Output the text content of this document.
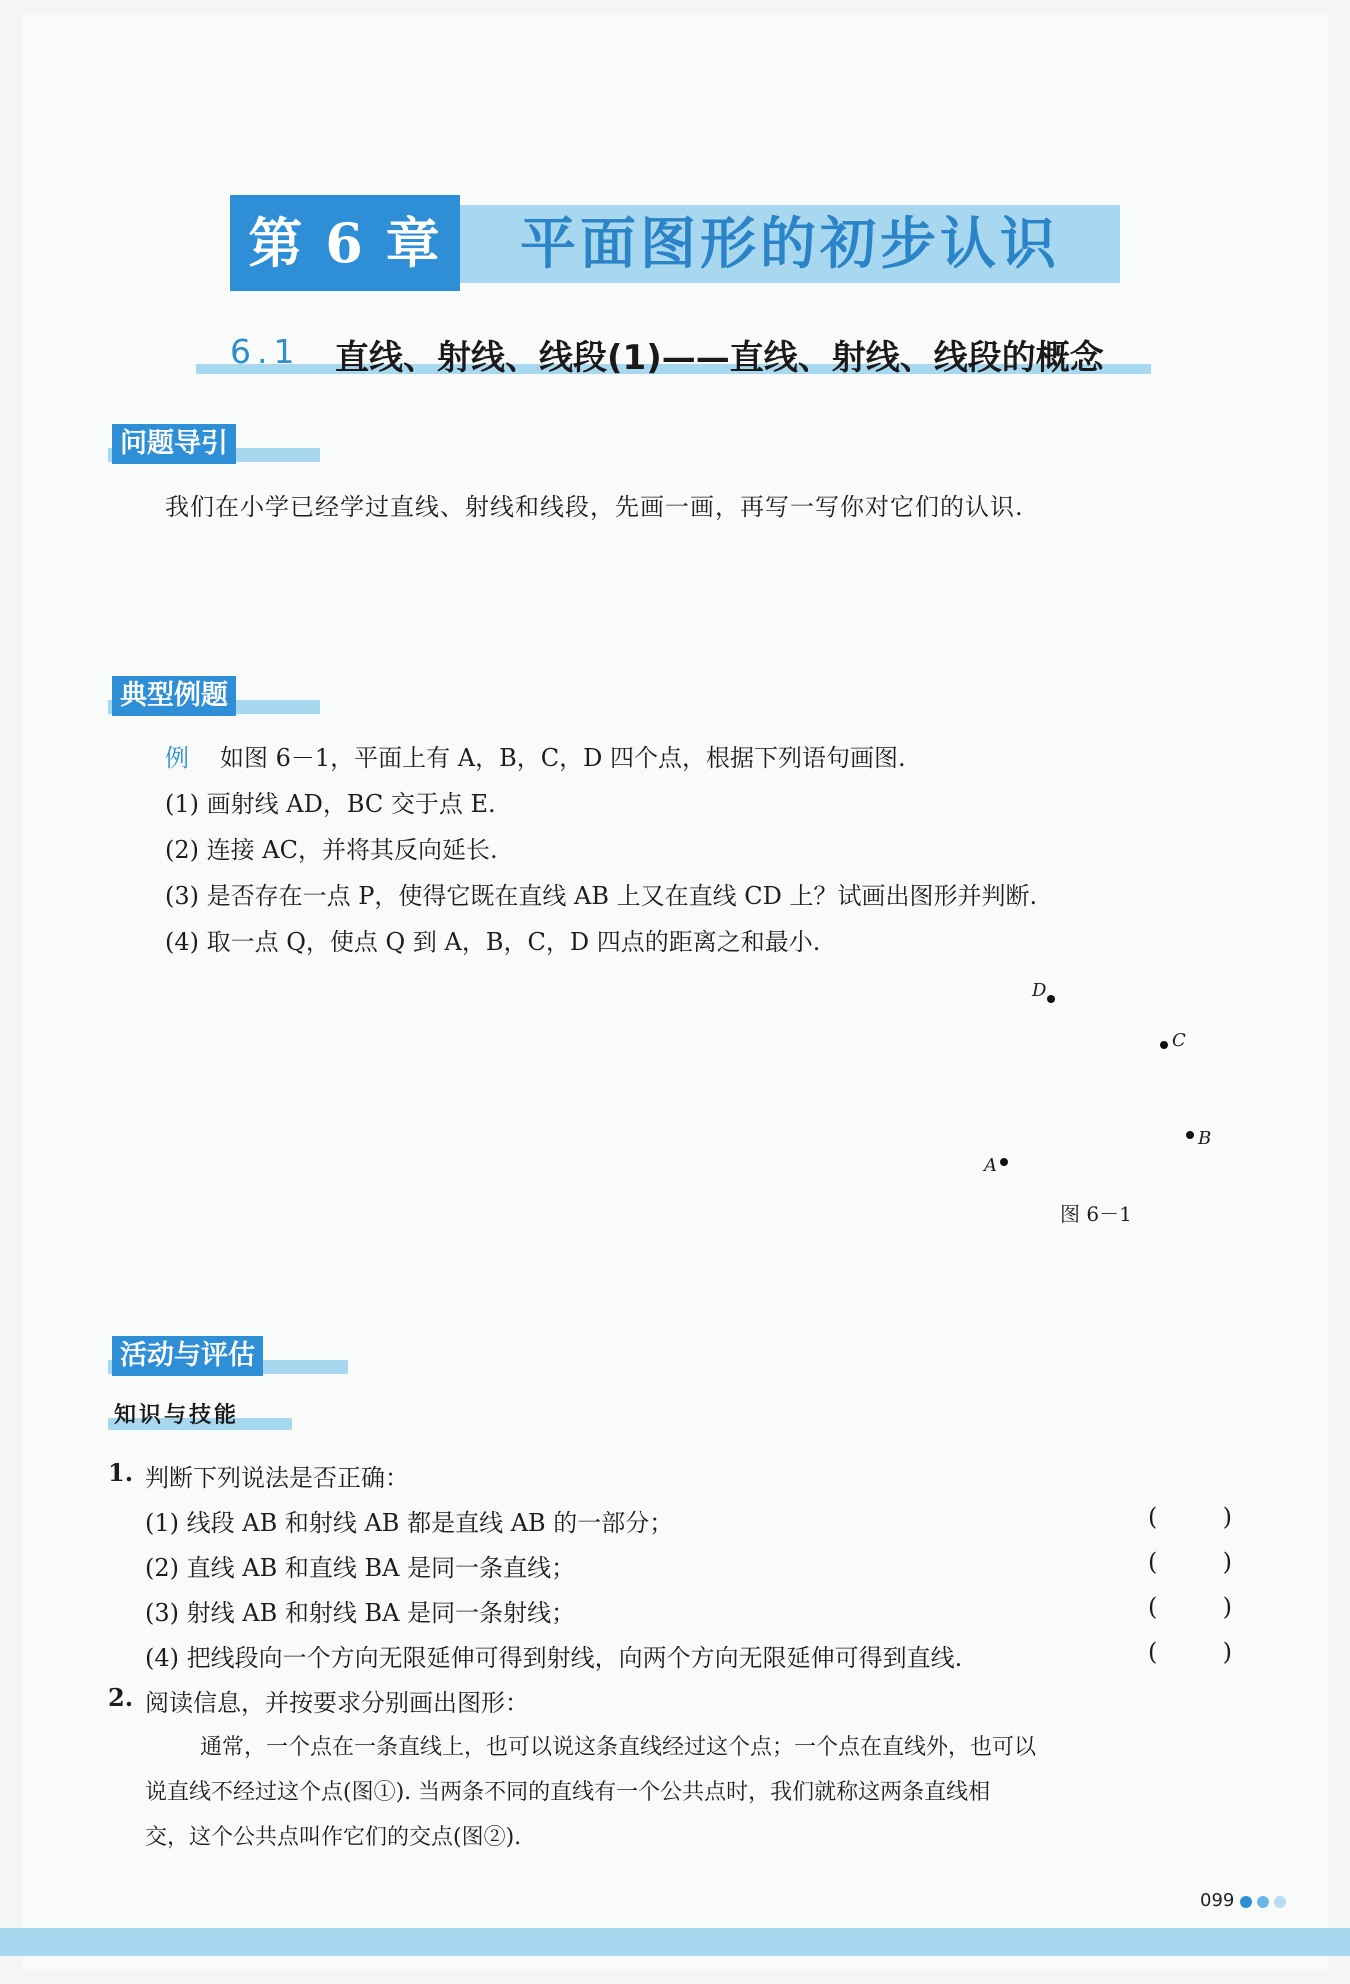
第 6 章	平面图形的初步认识
6.1 直线、射线、线段(1)——直线、射线、线段的概念
问题导引
我们在小学已经学过直线、射线和线段，先画一画，再写一写你对它们的认识.
典型例题
例 如图 6－1，平面上有 A，B，C，D 四个点，根据下列语句画图.
(1) 画射线 AD，BC 交于点 E.
(2) 连接 AC，并将其反向延长.
(3) 是否存在一点 P，使得它既在直线 AB 上又在直线 CD 上？试画出图形并判断.
(4) 取一点 Q，使点 Q 到 A，B，C，D 四点的距离之和最小.
D
C
B
A
图 6－1
活动与评估
知识与技能
1. 判断下列说法是否正确：
(1) 线段 AB 和射线 AB 都是直线 AB 的一部分；	(	)
(2) 直线 AB 和直线 BA 是同一条直线；	(	)
(3) 射线 AB 和射线 BA 是同一条射线；	(	)
(4) 把线段向一个方向无限延伸可得到射线，向两个方向无限延伸可得到直线.	(	)
2. 阅读信息，并按要求分别画出图形：
通常，一个点在一条直线上，也可以说这条直线经过这个点；一个点在直线外，也可以
说直线不经过这个点(图①). 当两条不同的直线有一个公共点时，我们就称这两条直线相
交，这个公共点叫作它们的交点(图②).
099
